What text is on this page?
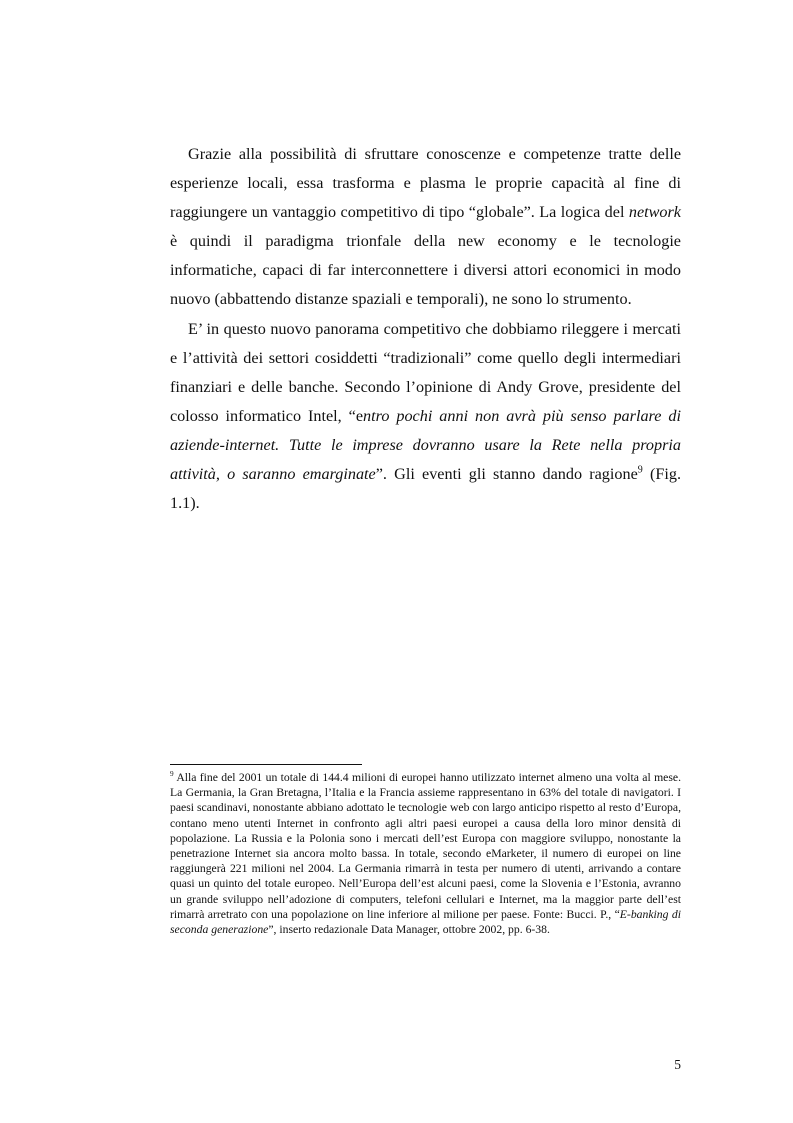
Grazie alla possibilità di sfruttare conoscenze e competenze tratte delle esperienze locali, essa trasforma e plasma le proprie capacità al fine di raggiungere un vantaggio competitivo di tipo “globale”. La logica del network è quindi il paradigma trionfale della new economy e le tecnologie informatiche, capaci di far interconnettere i diversi attori economici in modo nuovo (abbattendo distanze spaziali e temporali), ne sono lo strumento.

E’ in questo nuovo panorama competitivo che dobbiamo rileggere i mercati e l’attività dei settori cosiddetti “tradizionali” come quello degli intermediari finanziari e delle banche. Secondo l’opinione di Andy Grove, presidente del colosso informatico Intel, “entro pochi anni non avrà più senso parlare di aziende-internet. Tutte le imprese dovranno usare la Rete nella propria attività, o saranno emarginate”. Gli eventi gli stanno dando ragione$^9$ (Fig. 1.1).

$^9$ Alla fine del 2001 un totale di 144.4 milioni di europei hanno utilizzato internet almeno una volta al mese. La Germania, la Gran Bretagna, l’Italia e la Francia assieme rappresentano in 63% del totale di navigatori. I paesi scandinavi, nonostante abbiano adottato le tecnologie web con largo anticipo rispetto al resto d’Europa, contano meno utenti Internet in confronto agli altri paesi europei a causa della loro minor densità di popolazione. La Russia e la Polonia sono i mercati dell’est Europa con maggiore sviluppo, nonostante la penetrazione Internet sia ancora molto bassa. In totale, secondo eMarketer, il numero di europei on line raggiungerà 221 milioni nel 2004. La Germania rimarrà in testa per numero di utenti, arrivando a contare quasi un quinto del totale europeo. Nell’Europa dell’est alcuni paesi, come la Slovenia e l’Estonia, avranno un grande sviluppo nell’adozione di computers, telefoni cellulari e Internet, ma la maggior parte dell’est rimarrà arretrato con una popolazione on line inferiore al milione per paese. Fonte: Bucci. P., “E-banking di seconda generazione”, inserto redazionale Data Manager, ottobre 2002, pp. 6-38.

5
